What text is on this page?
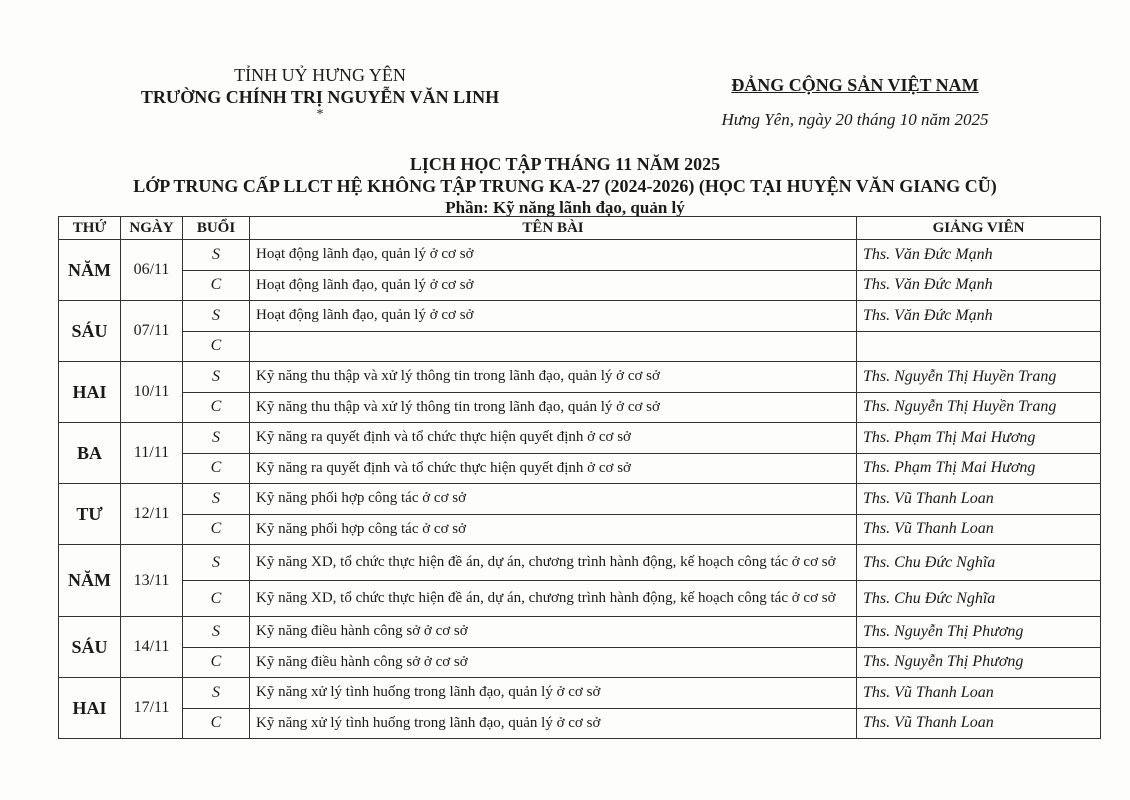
TỈNH UỶ HƯNG YÊN
TRƯỜNG CHÍNH TRỊ NGUYỄN VĂN LINH
*
ĐẢNG CỘNG SẢN VIỆT NAM
Hưng Yên, ngày 20 tháng 10 năm 2025
LỊCH HỌC TẬP THÁNG 11 NĂM 2025
LỚP TRUNG CẤP LLCT HỆ KHÔNG TẬP TRUNG KA-27 (2024-2026) (HỌC TẠI HUYỆN VĂN GIANG CŨ)
Phần: Kỹ năng lãnh đạo, quản lý
THỨ	NGÀY	BUỔI	TÊN BÀI	GIẢNG VIÊN
NĂM	06/11	S	Hoạt động lãnh đạo, quản lý ở cơ sở	Ths. Văn Đức Mạnh
		C	Hoạt động lãnh đạo, quản lý ở cơ sở	Ths. Văn Đức Mạnh
SÁU	07/11	S	Hoạt động lãnh đạo, quản lý ở cơ sở	Ths. Văn Đức Mạnh
		C		
HAI	10/11	S	Kỹ năng thu thập và xử lý thông tin trong lãnh đạo, quản lý ở cơ sở	Ths. Nguyễn Thị Huyền Trang
		C	Kỹ năng thu thập và xử lý thông tin trong lãnh đạo, quản lý ở cơ sở	Ths. Nguyễn Thị Huyền Trang
BA	11/11	S	Kỹ năng ra quyết định và tổ chức thực hiện quyết định ở cơ sở	Ths. Phạm Thị Mai Hương
		C	Kỹ năng ra quyết định và tổ chức thực hiện quyết định ở cơ sở	Ths. Phạm Thị Mai Hương
TƯ	12/11	S	Kỹ năng phối hợp công tác ở cơ sở	Ths. Vũ Thanh Loan
		C	Kỹ năng phối hợp công tác ở cơ sở	Ths. Vũ Thanh Loan
NĂM	13/11	S	Kỹ năng XD, tổ chức thực hiện đề án, dự án, chương trình hành động, kế hoạch công tác ở cơ sở	Ths. Chu Đức Nghĩa
		C	Kỹ năng XD, tổ chức thực hiện đề án, dự án, chương trình hành động, kế hoạch công tác ở cơ sở	Ths. Chu Đức Nghĩa
SÁU	14/11	S	Kỹ năng điều hành công sở ở cơ sở	Ths. Nguyễn Thị Phương
		C	Kỹ năng điều hành công sở ở cơ sở	Ths. Nguyễn Thị Phương
HAI	17/11	S	Kỹ năng xử lý tình huống trong lãnh đạo, quản lý ở cơ sở	Ths. Vũ Thanh Loan
		C	Kỹ năng xử lý tình huống trong lãnh đạo, quản lý ở cơ sở	Ths. Vũ Thanh Loan
